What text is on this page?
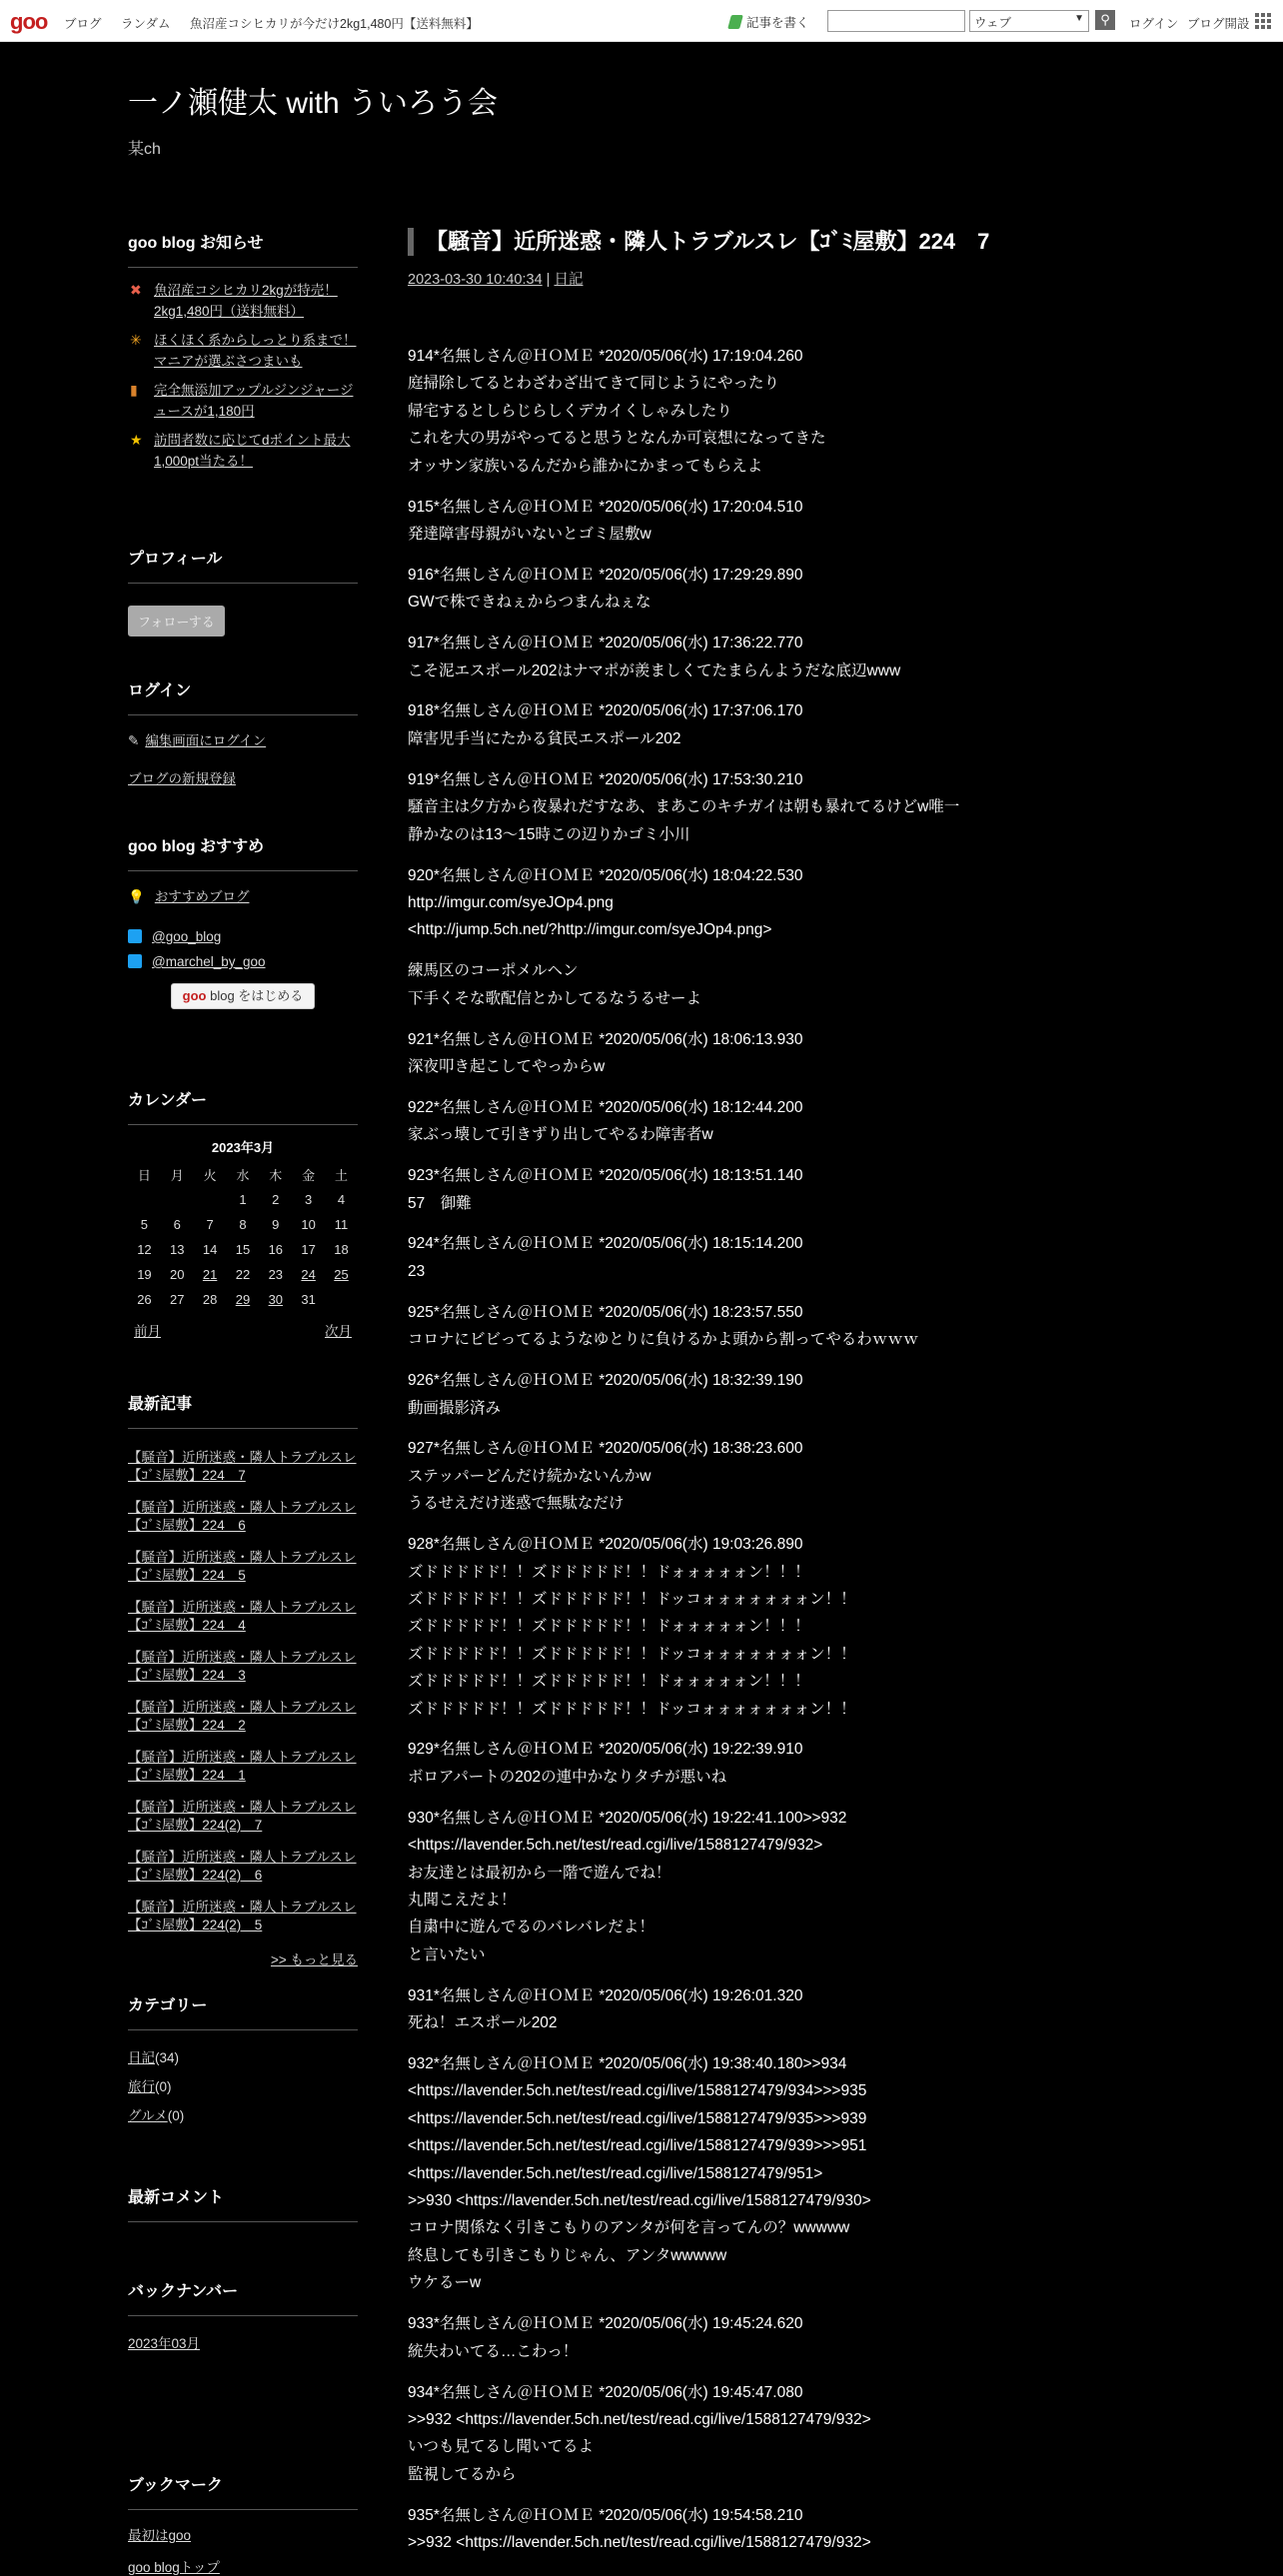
goo ブログ ランダム 魚沼産コシヒカリが今だけ2kg1,480円【送料無料】	記事を書く	ウェブ	▼	⚲	ログイン ブログ開設
一ノ瀬健太 with ういろう会
某ch
goo blog お知らせ
✖ 魚沼産コシヒカリ2kgが特売！2kg1,480円（送料無料）
✳ ほくほく系からしっとり系まで！マニアが選ぶさつまいも
▮	完全無添加アップルジンジャージュースが1,180円
★ 訪問者数に応じてdポイント最大1,000pt当たる！
プロフィール
フォローする
ログイン
✎ 編集画面にログイン
ブログの新規登録
goo blog おすすめ
💡 おすすめブログ
@goo_blog
@marchel_by_goo
goo blog をはじめる
カレンダー
2023年3月
日	月	火	水	木	金	土
			1	2	3	4
5	6	7	8	9	10	11
12	13	14	15	16	17	18
19	20	21	22	23	24	25
26	27	28	29	30	31	
前月	次月
最新記事
【騒音】近所迷惑・隣人トラブルスレ【ｺﾞﾐ屋敷】224　7
【騒音】近所迷惑・隣人トラブルスレ【ｺﾞﾐ屋敷】224　6
【騒音】近所迷惑・隣人トラブルスレ【ｺﾞﾐ屋敷】224　5
【騒音】近所迷惑・隣人トラブルスレ【ｺﾞﾐ屋敷】224　4
【騒音】近所迷惑・隣人トラブルスレ【ｺﾞﾐ屋敷】224　3
【騒音】近所迷惑・隣人トラブルスレ【ｺﾞﾐ屋敷】224　2
【騒音】近所迷惑・隣人トラブルスレ【ｺﾞﾐ屋敷】224　1
【騒音】近所迷惑・隣人トラブルスレ【ｺﾞﾐ屋敷】224(2)　7
【騒音】近所迷惑・隣人トラブルスレ【ｺﾞﾐ屋敷】224(2)　6
【騒音】近所迷惑・隣人トラブルスレ【ｺﾞﾐ屋敷】224(2)　5
>> もっと見る
カテゴリー
日記(34)
旅行(0)
グルメ(0)
最新コメント
バックナンバー
2023年03月
ブックマーク
最初はgoo
goo blogトップ
【騒音】近所迷惑・隣人トラブルスレ【ｺﾞﾐ屋敷】224　7
2023-03-30 10:40:34 | 日記

914*名無しさん＠ＨＯＭＥ *2020/05/06(水) 17:19:04.260
庭掃除してるとわざわざ出てきて同じようにやったり
帰宅するとしらじらしくデカイくしゃみしたり
これを大の男がやってると思うとなんか可哀想になってきた
オッサン家族いるんだから誰かにかまってもらえよ

915*名無しさん＠ＨＯＭＥ *2020/05/06(水) 17:20:04.510
発達障害母親がいないとゴミ屋敷w

916*名無しさん＠ＨＯＭＥ *2020/05/06(水) 17:29:29.890
GWで株できねぇからつまんねぇな

917*名無しさん＠ＨＯＭＥ *2020/05/06(水) 17:36:22.770
こそ泥エスポール202はナマポが羨ましくてたまらんようだな底辺www

918*名無しさん＠ＨＯＭＥ *2020/05/06(水) 17:37:06.170
障害児手当にたかる貧民エスポール202

919*名無しさん＠ＨＯＭＥ *2020/05/06(水) 17:53:30.210
騒音主は夕方から夜暴れだすなあ、まあこのキチガイは朝も暴れてるけどw唯一
静かなのは13～15時この辺りかゴミ小川

920*名無しさん＠ＨＯＭＥ *2020/05/06(水) 18:04:22.530
http://imgur.com/syeJOp4.png
<http://jump.5ch.net/?http://imgur.com/syeJOp4.png>

練馬区のコーポメルヘン
下手くそな歌配信とかしてるなうるせーよ

921*名無しさん＠ＨＯＭＥ *2020/05/06(水) 18:06:13.930
深夜叩き起こしてやっからw

922*名無しさん＠ＨＯＭＥ *2020/05/06(水) 18:12:44.200
家ぶっ壊して引きずり出してやるわ障害者w

923*名無しさん＠ＨＯＭＥ *2020/05/06(水) 18:13:51.140
57　御難

924*名無しさん＠ＨＯＭＥ *2020/05/06(水) 18:15:14.200
23

925*名無しさん＠ＨＯＭＥ *2020/05/06(水) 18:23:57.550
コロナにビビってるようなゆとりに負けるかよ頭から割ってやるわｗｗｗ

926*名無しさん＠ＨＯＭＥ *2020/05/06(水) 18:32:39.190
動画撮影済み

927*名無しさん＠ＨＯＭＥ *2020/05/06(水) 18:38:23.600
ステッパーどんだけ続かないんかw
うるせえだけ迷惑で無駄なだけ

928*名無しさん＠ＨＯＭＥ *2020/05/06(水) 19:03:26.890
ズドドドドド！！ズドドドドド！！ドォォォォォン！！！
ズドドドドド！！ズドドドドド！！ドッコォォォォォォォン！！
ズドドドドド！！ズドドドドド！！ドォォォォォン！！！
ズドドドドド！！ズドドドドド！！ドッコォォォォォォォン！！
ズドドドドド！！ズドドドドド！！ドォォォォォン！！！
ズドドドドド！！ズドドドドド！！ドッコォォォォォォォン！！

929*名無しさん＠ＨＯＭＥ *2020/05/06(水) 19:22:39.910
ボロアパートの202の連中かなりタチが悪いね

930*名無しさん＠ＨＯＭＥ *2020/05/06(水) 19:22:41.100>>932
<https://lavender.5ch.net/test/read.cgi/live/1588127479/932>
お友達とは最初から一階で遊んでね！
丸聞こえだよ！
自粛中に遊んでるのバレバレだよ！
と言いたい

931*名無しさん＠ＨＯＭＥ *2020/05/06(水) 19:26:01.320
死ね！エスポール202

932*名無しさん＠ＨＯＭＥ *2020/05/06(水) 19:38:40.180>>934
<https://lavender.5ch.net/test/read.cgi/live/1588127479/934>>>935
<https://lavender.5ch.net/test/read.cgi/live/1588127479/935>>>939
<https://lavender.5ch.net/test/read.cgi/live/1588127479/939>>>951
<https://lavender.5ch.net/test/read.cgi/live/1588127479/951>
>>930 <https://lavender.5ch.net/test/read.cgi/live/1588127479/930>
コロナ関係なく引きこもりのアンタが何を言ってんの？wwwww
終息しても引きこもりじゃん、アンタwwwww
ウケるーw

933*名無しさん＠ＨＯＭＥ *2020/05/06(水) 19:45:24.620
統失わいてる…こわっ！

934*名無しさん＠ＨＯＭＥ *2020/05/06(水) 19:45:47.080
>>932 <https://lavender.5ch.net/test/read.cgi/live/1588127479/932>
いつも見てるし聞いてるよ
監視してるから

935*名無しさん＠ＨＯＭＥ *2020/05/06(水) 19:54:58.210
>>932 <https://lavender.5ch.net/test/read.cgi/live/1588127479/932>
